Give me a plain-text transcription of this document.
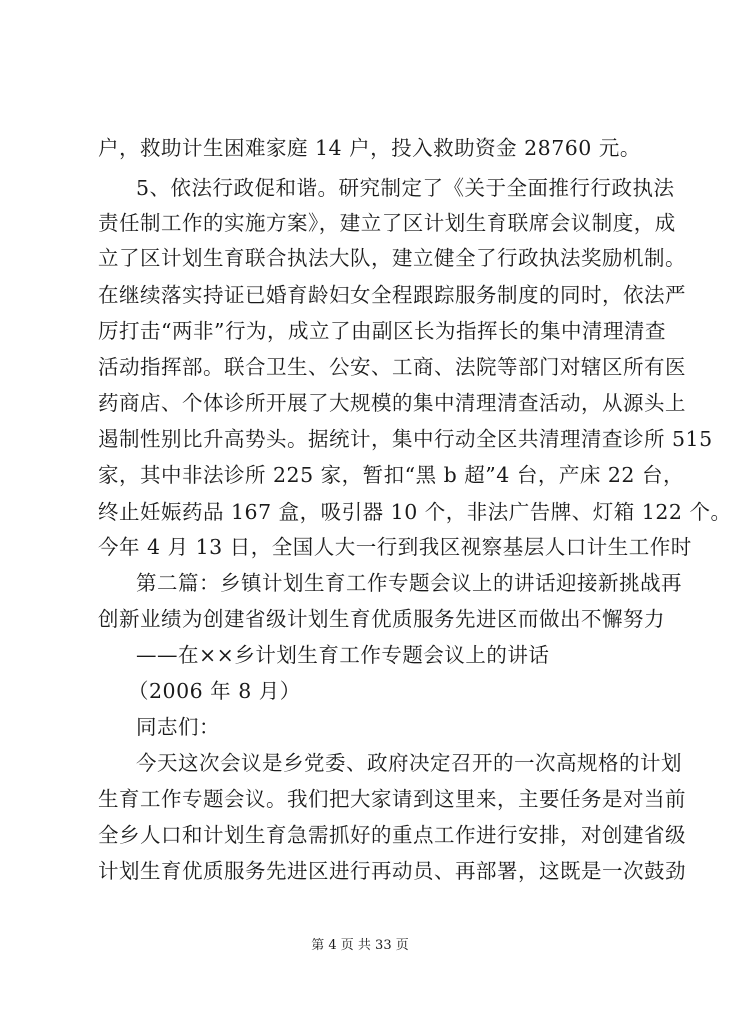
户，救助计生困难家庭 14 户，投入救助资金 28760 元。
5、依法行政促和谐。研究制定了《关于全面推行行政执法
责任制工作的实施方案》，建立了区计划生育联席会议制度，成
立了区计划生育联合执法大队，建立健全了行政执法奖励机制。
在继续落实持证已婚育龄妇女全程跟踪服务制度的同时，依法严
厉打击“两非”行为，成立了由副区长为指挥长的集中清理清查
活动指挥部。联合卫生、公安、工商、法院等部门对辖区所有医
药商店、个体诊所开展了大规模的集中清理清查活动，从源头上
遏制性别比升高势头。据统计，集中行动全区共清理清查诊所 515
家，其中非法诊所 225 家，暂扣“黑 b 超”4 台，产床 22 台，
终止妊娠药品 167 盒，吸引器 10 个，非法广告牌、灯箱 122 个。
今年 4 月 13 日，全国人大一行到我区视察基层人口计生工作时
第二篇：乡镇计划生育工作专题会议上的讲话迎接新挑战再
创新业绩为创建省级计划生育优质服务先进区而做出不懈努力
——在××乡计划生育工作专题会议上的讲话
（2006 年 8 月）
同志们：
今天这次会议是乡党委、政府决定召开的一次高规格的计划
生育工作专题会议。我们把大家请到这里来，主要任务是对当前
全乡人口和计划生育急需抓好的重点工作进行安排，对创建省级
计划生育优质服务先进区进行再动员、再部署，这既是一次鼓劲
第 4 页 共 33 页
